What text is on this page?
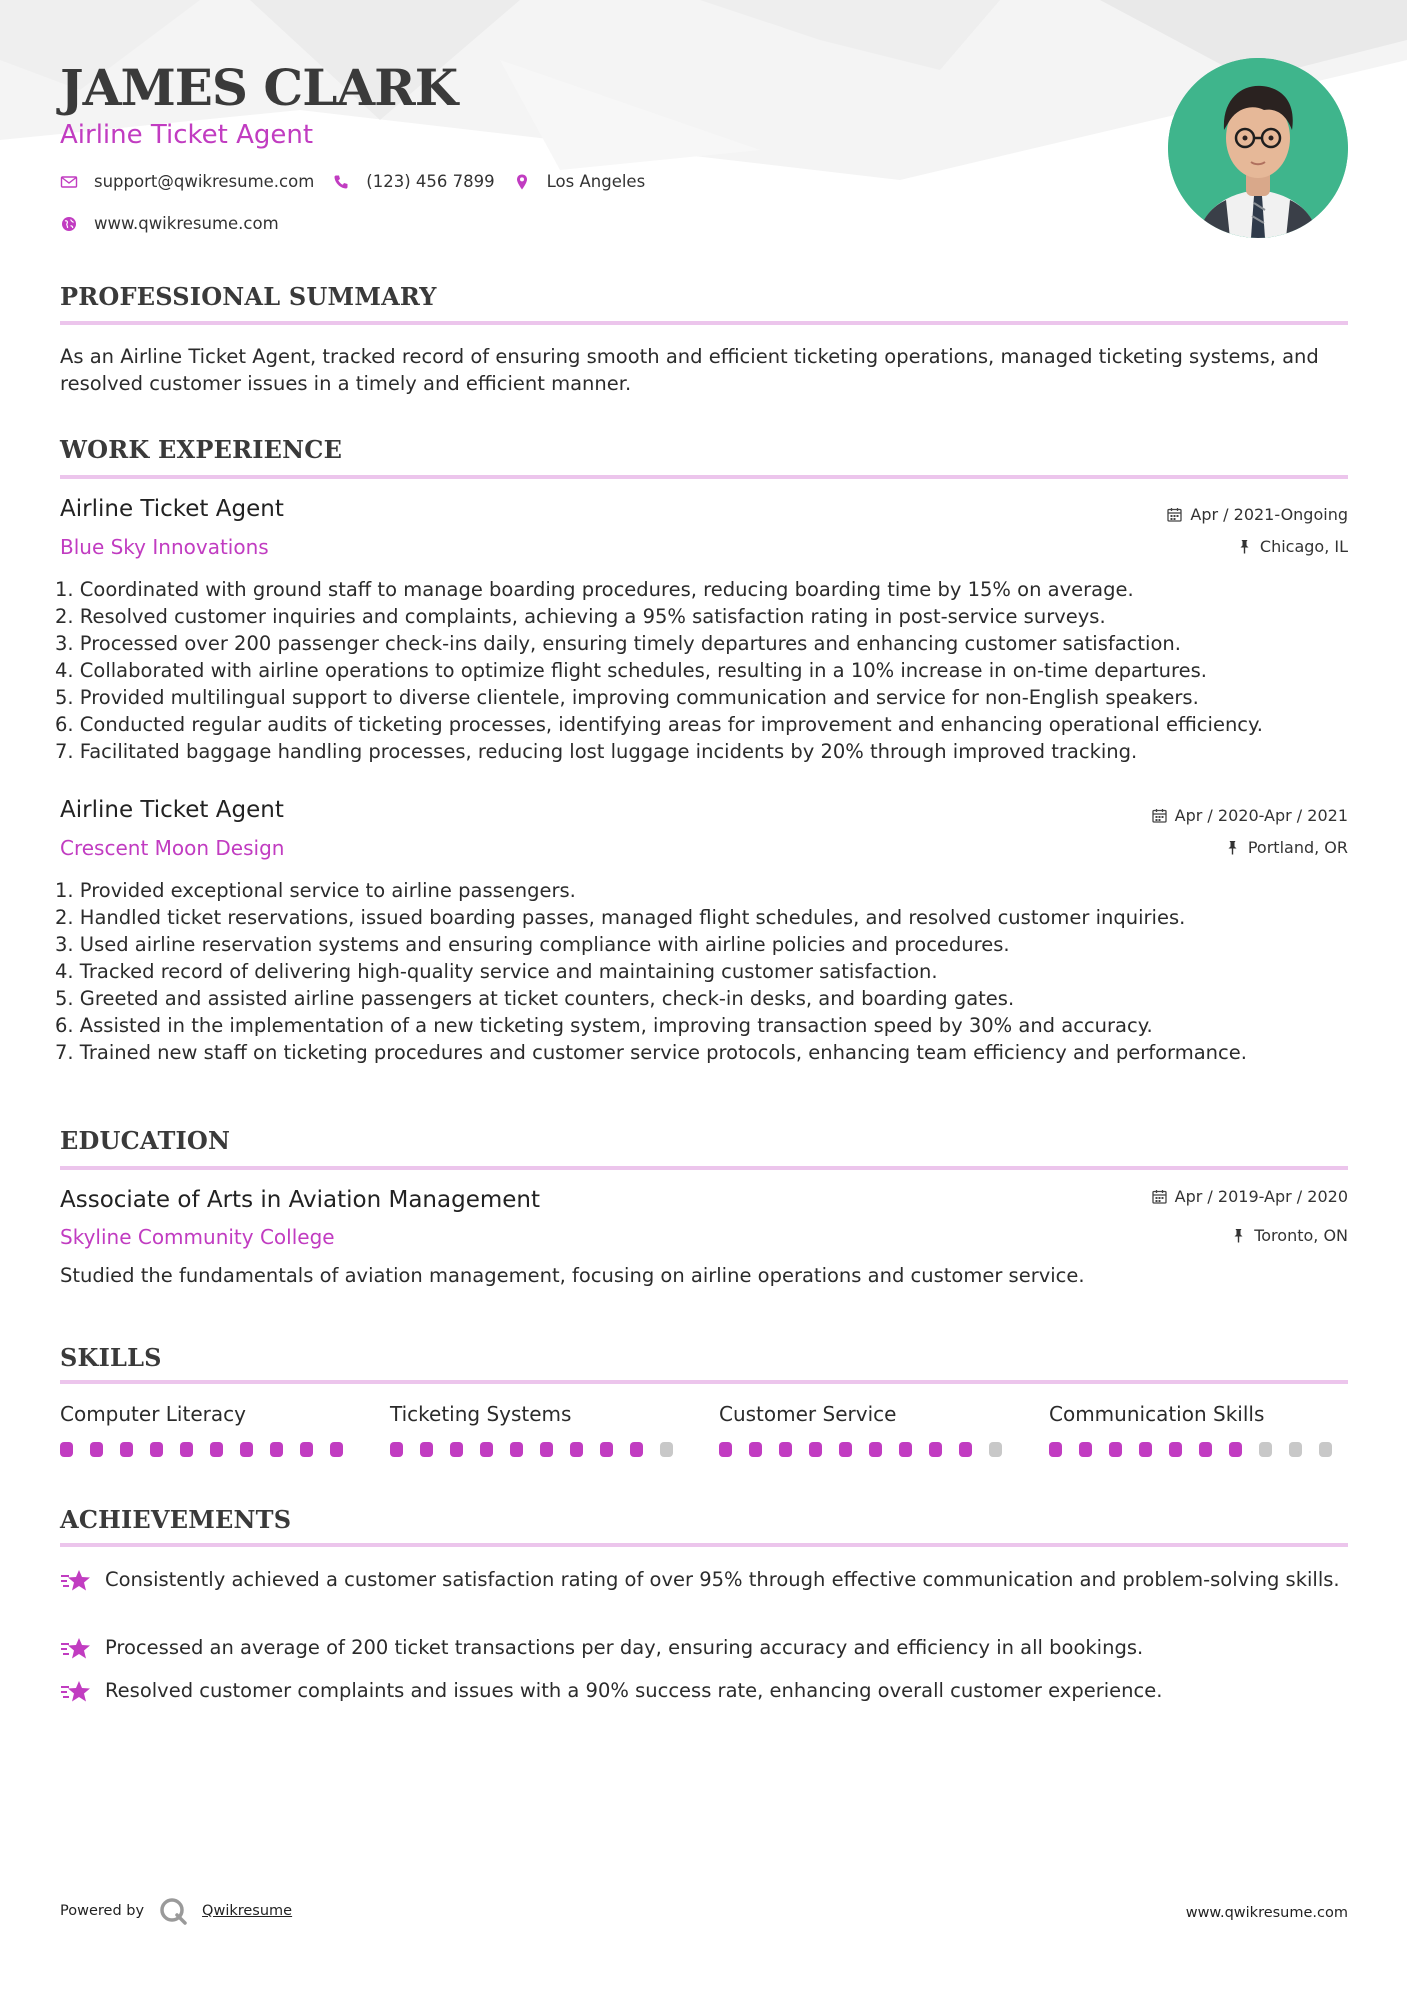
JAMES CLARK
Airline Ticket Agent
support@qwikresume.com	(123) 456 7899	Los Angeles
www.qwikresume.com
PROFESSIONAL SUMMARY
As an Airline Ticket Agent, tracked record of ensuring smooth and efficient ticketing operations, managed ticketing systems, and resolved customer issues in a timely and efficient manner.
WORK EXPERIENCE
Airline Ticket Agent	Apr / 2021-Ongoing
Blue Sky Innovations	Chicago, IL
1. Coordinated with ground staff to manage boarding procedures, reducing boarding time by 15% on average.
2. Resolved customer inquiries and complaints, achieving a 95% satisfaction rating in post-service surveys.
3. Processed over 200 passenger check-ins daily, ensuring timely departures and enhancing customer satisfaction.
4. Collaborated with airline operations to optimize flight schedules, resulting in a 10% increase in on-time departures.
5. Provided multilingual support to diverse clientele, improving communication and service for non-English speakers.
6. Conducted regular audits of ticketing processes, identifying areas for improvement and enhancing operational efficiency.
7. Facilitated baggage handling processes, reducing lost luggage incidents by 20% through improved tracking.
Airline Ticket Agent	Apr / 2020-Apr / 2021
Crescent Moon Design	Portland, OR
1. Provided exceptional service to airline passengers.
2. Handled ticket reservations, issued boarding passes, managed flight schedules, and resolved customer inquiries.
3. Used airline reservation systems and ensuring compliance with airline policies and procedures.
4. Tracked record of delivering high-quality service and maintaining customer satisfaction.
5. Greeted and assisted airline passengers at ticket counters, check-in desks, and boarding gates.
6. Assisted in the implementation of a new ticketing system, improving transaction speed by 30% and accuracy.
7. Trained new staff on ticketing procedures and customer service protocols, enhancing team efficiency and performance.
EDUCATION
Associate of Arts in Aviation Management	Apr / 2019-Apr / 2020
Skyline Community College	Toronto, ON
Studied the fundamentals of aviation management, focusing on airline operations and customer service.
SKILLS
Computer Literacy	Ticketing Systems	Customer Service	Communication Skills
ACHIEVEMENTS
Consistently achieved a customer satisfaction rating of over 95% through effective communication and problem-solving skills.
Processed an average of 200 ticket transactions per day, ensuring accuracy and efficiency in all bookings.
Resolved customer complaints and issues with a 90% success rate, enhancing overall customer experience.
Powered by	Qwikresume	www.qwikresume.com
